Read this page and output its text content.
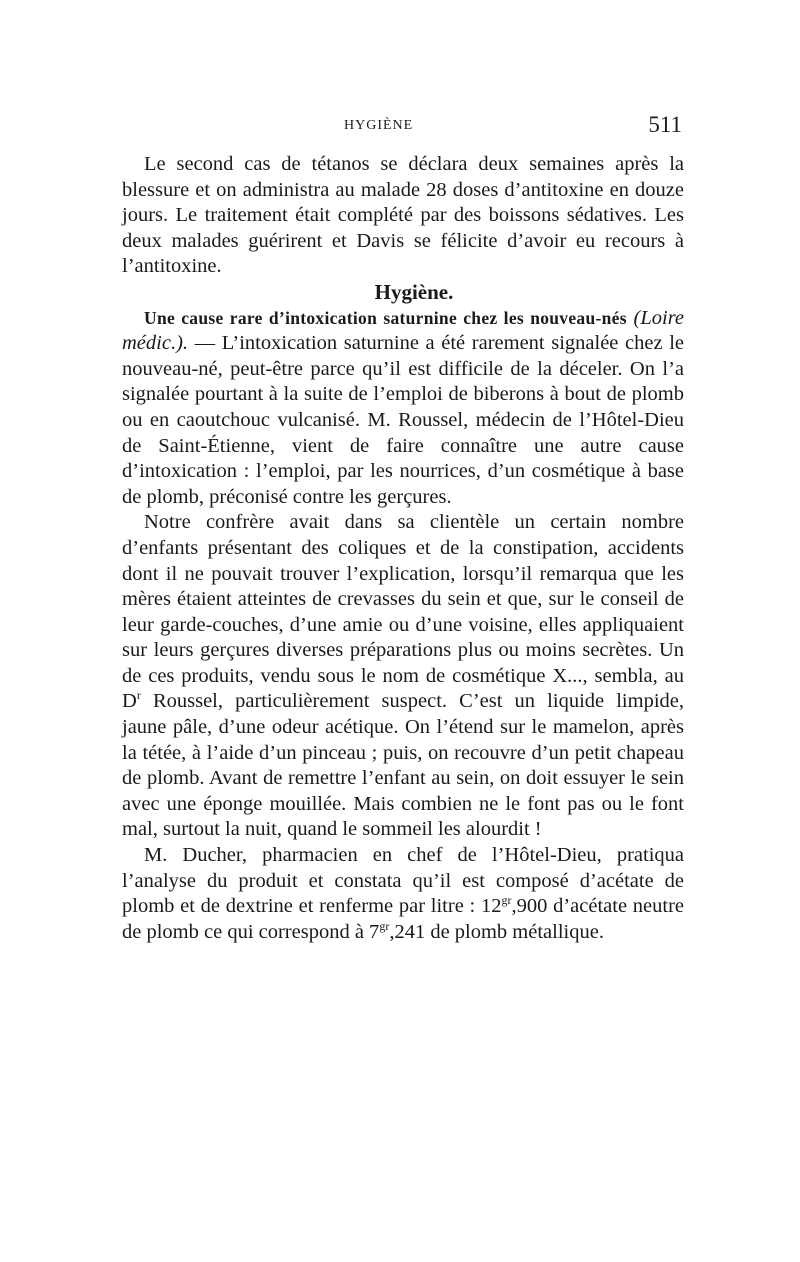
HYGIÈNE	511

Le second cas de tétanos se déclara deux semaines après la blessure et on administra au malade 28 doses d’antitoxine en douze jours. Le traitement était complété par des boissons sédatives. Les deux malades guérirent et Davis se félicite d’avoir eu recours à l’antitoxine.

Hygiène.

Une cause rare d’intoxication saturnine chez les nouveau-nés (Loire médic.). — L’intoxication saturnine a été rarement signalée chez le nouveau-né, peut-être parce qu’il est difficile de la déceler. On l’a signalée pourtant à la suite de l’emploi de biberons à bout de plomb ou en caoutchouc vulcanisé. M. Roussel, médecin de l’Hôtel-Dieu de Saint-Étienne, vient de faire connaître une autre cause d’intoxication : l’emploi, par les nourrices, d’un cosmétique à base de plomb, préconisé contre les gerçures.

Notre confrère avait dans sa clientèle un certain nombre d’enfants présentant des coliques et de la constipation, accidents dont il ne pouvait trouver l’explication, lorsqu’il remarqua que les mères étaient atteintes de crevasses du sein et que, sur le conseil de leur garde-couches, d’une amie ou d’une voisine, elles appliquaient sur leurs gerçures diverses préparations plus ou moins secrètes. Un de ces produits, vendu sous le nom de cosmétique X..., sembla, au $D^r$ Roussel, particulièrement suspect. C’est un liquide limpide, jaune pâle, d’une odeur acétique. On l’étend sur le mamelon, après la tétée, à l’aide d’un pinceau ; puis, on recouvre d’un petit chapeau de plomb. Avant de remettre l’enfant au sein, on doit essuyer le sein avec une éponge mouillée. Mais combien ne le font pas ou le font mal, surtout la nuit, quand le sommeil les alourdit !

M. Ducher, pharmacien en chef de l’Hôtel-Dieu, pratiqua l’analyse du produit et constata qu’il est composé d’acétate de plomb et de dextrine et renferme par litre : $12^{gr},900$ d’acétate neutre de plomb ce qui correspond à $7^{gr},241$ de plomb métallique.
